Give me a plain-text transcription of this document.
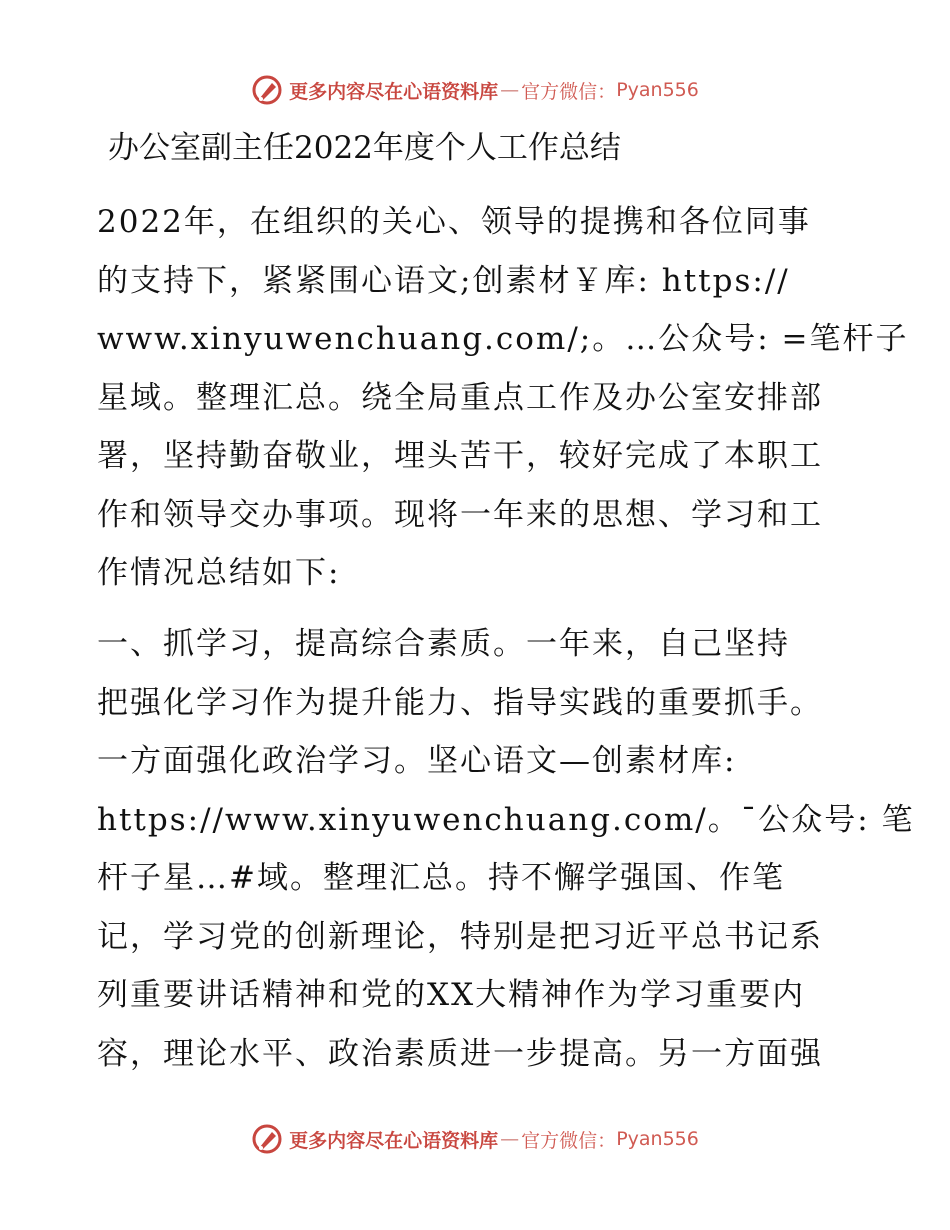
更多内容尽在心语资料库 — 官方微信： Pyan556
办公室副主任2022年度个人工作总结
2022年，在组织的关心、领导的提携和各位同事
的支持下，紧紧围心语文;创素材￥库: https://
www.xinyuwenchuang.com/;。…公众号: =笔杆子
星域。整理汇总。绕全局重点工作及办公室安排部
署，坚持勤奋敬业，埋头苦干，较好完成了本职工
作和领导交办事项。现将一年来的思想、学习和工
作情况总结如下:
一、抓学习，提高综合素质。一年来，自己坚持
把强化学习作为提升能力、指导实践的重要抓手。
一方面强化政治学习。坚心语文—创素材库:
https://www.xinyuwenchuang.com/。¯公众号: 笔
杆子星…#域。整理汇总。持不懈学强国、作笔
记，学习党的创新理论，特别是把习近平总书记系
列重要讲话精神和党的XX大精神作为学习重要内
容，理论水平、政治素质进一步提高。另一方面强
更多内容尽在心语资料库 — 官方微信： Pyan556
